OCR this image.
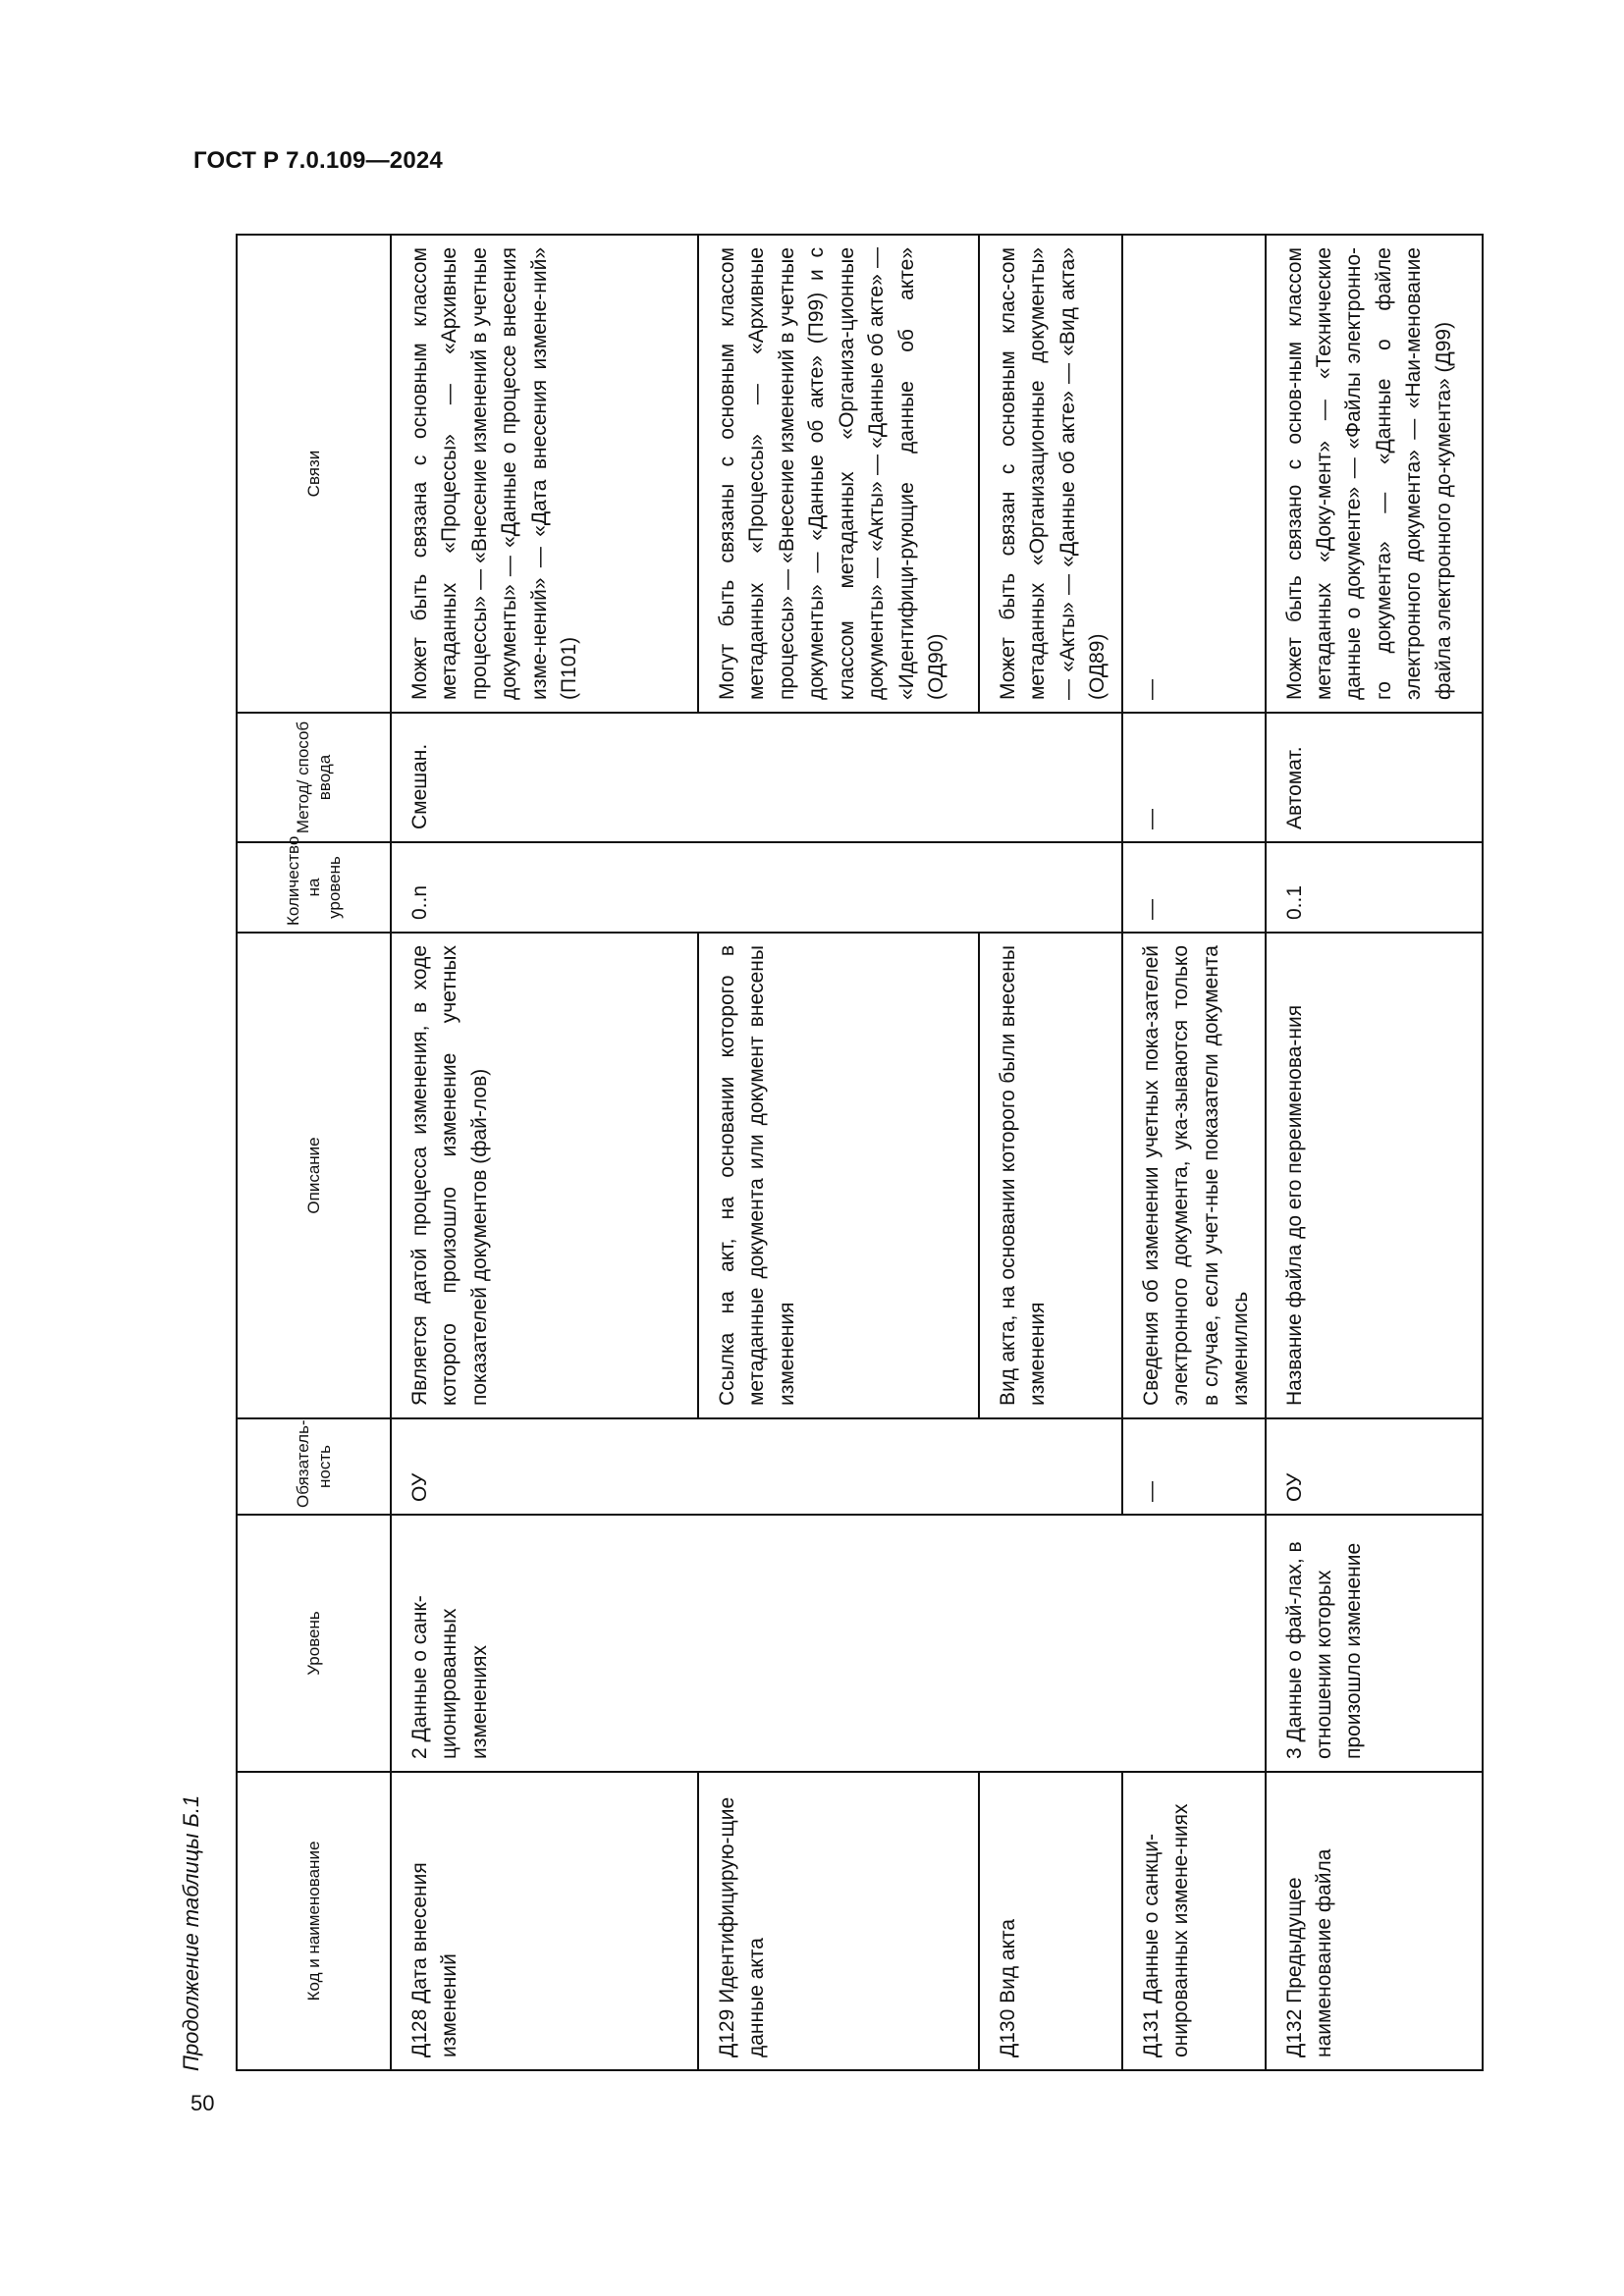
ГОСТ Р 7.0.109—2024
50
Продолжение таблицы Б.1	Код и наименование	Уровень	Обязатель-ность	Описание	Количество на уровень	Метод/ способ ввода	Связи
Д128 Дата внесения изменений	2 Данные о санк-ционированных изменениях	ОУ	Является датой процесса изменения, в ходе которого произошло изменение учетных показателей документов (фай-лов)	0..n	Смешан.	Может быть связана с основным классом метаданных «Процессы» — «Архивные процессы» — «Внесение изменений в учетные документы» — «Данные о процессе внесения изме-нений» — «Дата внесения измене-ний» (П101)
Д129 Идентифицирую-щие данные акта			Ссылка на акт, на основании которого в метаданные документа или документ внесены изменения			Могут быть связаны с основным классом метаданных «Процессы» — «Архивные процессы» — «Внесение изменений в учетные документы» — «Данные об акте» (П99) и с классом метаданных «Организа-ционные документы» — «Акты» — «Данные об акте» — «Идентифици-рующие данные об акте» (ОД90)
Д130 Вид акта			Вид акта, на основании которого были внесены изменения			Может быть связан с основным клас-сом метаданных «Организационные документы» — «Акты» — «Данные об акте» — «Вид акта» (ОД89)
Д131 Данные о санкци-онированных измене-ниях		—	Сведения об изменении учетных пока-зателей электронного документа, ука-зываются только в случае, если учет-ные показатели документа изменились	—	—	—
Д132 Предыдущее наименование файла	3 Данные о фай-лах, в отношении которых произошло изменение	ОУ	Название файла до его переименова-ния	0..1	Автомат.	Может быть связано с основ-ным классом метаданных «Доку-мент» — «Технические данные о документе» — «Файлы электронно-го документа» — «Данные о файле электронного документа» — «Наи-менование файла электронного до-кумента» (Д99)
